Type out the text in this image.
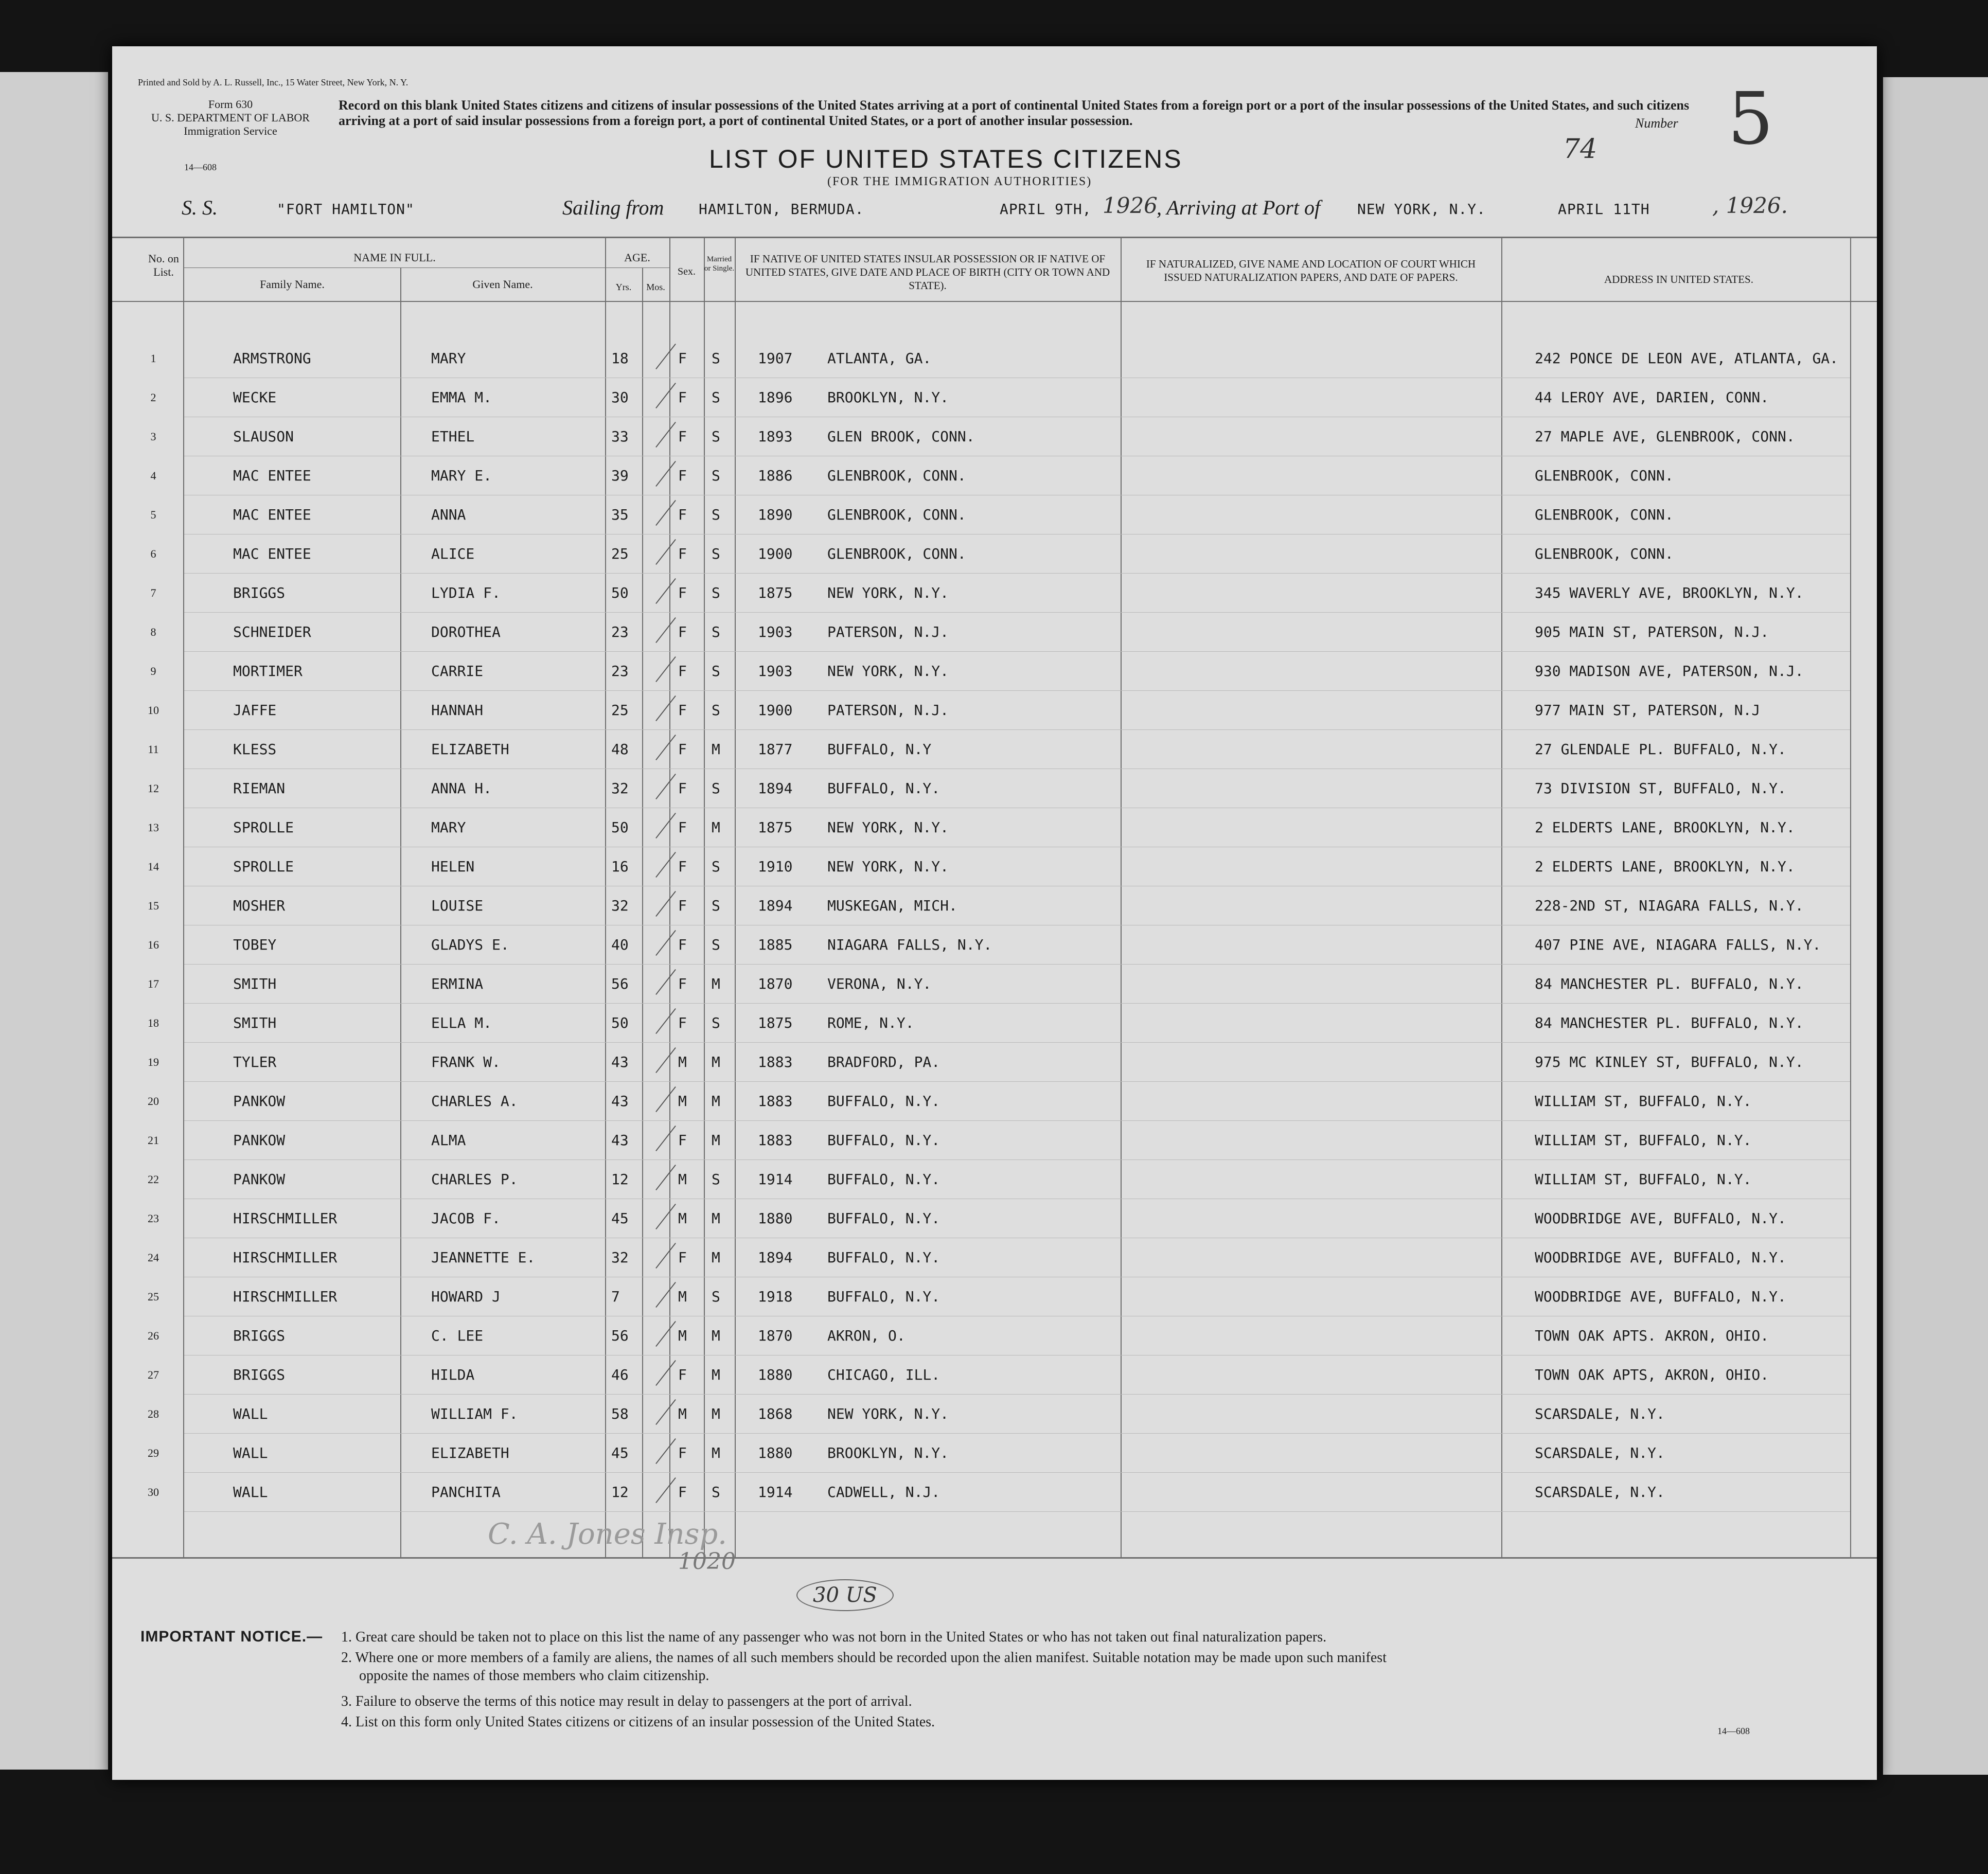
Printed and Sold by A. L. Russell, Inc., 15 Water Street, New York, N. Y.
Form 630
U. S. DEPARTMENT OF LABOR
Immigration Service
14—608
Record on this blank United States citizens and citizens of insular possessions of the United States arriving at a port of continental United States from a foreign port or a port of the insular possessions of the United States, and such citizens arriving at a port of said insular possessions from a foreign port, a port of continental United States, or a port of another insular possession.	Number 5
74
LIST OF UNITED STATES CITIZENS
(FOR THE IMMIGRATION AUTHORITIES)
S. S.	"FORT HAMILTON"	Sailing from HAMILTON, BERMUDA.	APRIL 9TH, 1926
, Arriving at Port of	NEW YORK, N.Y.	APRIL 11TH	, 1926.
No. on List.
NAME IN FULL.
Family Name.	Given Name.
AGE.
Yrs.	Mos.
Sex.
Married or Single.
IF NATIVE OF UNITED STATES INSULAR POSSESSION OR IF NATIVE OF UNITED STATES, GIVE DATE AND PLACE OF BIRTH (CITY OR TOWN AND STATE).
IF NATURALIZED, GIVE NAME AND LOCATION OF COURT WHICH ISSUED NATURALIZATION PAPERS, AND DATE OF PAPERS.	ADDRESS IN UNITED STATES.
1	ARMSTRONG	MARY	18	F S	1907 ATLANTA, GA.	242 PONCE DE LEON AVE, ATLANTA, GA.
2	WECKE	EMMA M.	30	F S	1896 BROOKLYN, N.Y.	44 LEROY AVE, DARIEN, CONN.
3	SLAUSON	ETHEL	33	F S	1893 GLEN BROOK, CONN.	27 MAPLE AVE, GLENBROOK, CONN.
4	MAC ENTEE	MARY E.	39	F S	1886 GLENBROOK, CONN.	GLENBROOK, CONN.
5	MAC ENTEE	ANNA	35	F S	1890 GLENBROOK, CONN.	GLENBROOK, CONN.
6	MAC ENTEE	ALICE	25	F S	1900 GLENBROOK, CONN.	GLENBROOK, CONN.
7	BRIGGS	LYDIA F.	50	F S	1875 NEW YORK, N.Y.	345 WAVERLY AVE, BROOKLYN, N.Y.
8	SCHNEIDER	DOROTHEA	23	F S	1903 PATERSON, N.J.	905 MAIN ST, PATERSON, N.J.
9	MORTIMER	CARRIE	23	F S	1903 NEW YORK, N.Y.	930 MADISON AVE, PATERSON, N.J.
10	JAFFE	HANNAH	25	F S	1900 PATERSON, N.J.	977 MAIN ST, PATERSON, N.J
11	KLESS	ELIZABETH	48	F M	1877 BUFFALO, N.Y	27 GLENDALE PL. BUFFALO, N.Y.
12	RIEMAN	ANNA H.	32	F S	1894 BUFFALO, N.Y.	73 DIVISION ST, BUFFALO, N.Y.
13	SPROLLE	MARY	50	F M	1875 NEW YORK, N.Y.	2 ELDERTS LANE, BROOKLYN, N.Y.
14	SPROLLE	HELEN	16	F S	1910 NEW YORK, N.Y.	2 ELDERTS LANE, BROOKLYN, N.Y.
15	MOSHER	LOUISE	32	F S	1894 MUSKEGAN, MICH.	228-2ND ST, NIAGARA FALLS, N.Y.
16	TOBEY	GLADYS E.	40	F S	1885 NIAGARA FALLS, N.Y.	407 PINE AVE, NIAGARA FALLS, N.Y.
17	SMITH	ERMINA	56	F M	1870 VERONA, N.Y.	84 MANCHESTER PL. BUFFALO, N.Y.
18	SMITH	ELLA M.	50	F S	1875 ROME, N.Y.	84 MANCHESTER PL. BUFFALO, N.Y.
19	TYLER	FRANK W.	43	M M	1883 BRADFORD, PA.	975 MC KINLEY ST, BUFFALO, N.Y.
20	PANKOW	CHARLES A.	43	M M	1883 BUFFALO, N.Y.	WILLIAM ST, BUFFALO, N.Y.
21	PANKOW	ALMA	43	F M	1883 BUFFALO, N.Y.	WILLIAM ST, BUFFALO, N.Y.
22	PANKOW	CHARLES P.	12	M S	1914 BUFFALO, N.Y.	WILLIAM ST, BUFFALO, N.Y.
23	HIRSCHMILLER	JACOB F.	45	M M	1880 BUFFALO, N.Y.	WOODBRIDGE AVE, BUFFALO, N.Y.
24	HIRSCHMILLER	JEANNETTE E.	32	F M	1894 BUFFALO, N.Y.	WOODBRIDGE AVE, BUFFALO, N.Y.
25	HIRSCHMILLER	HOWARD J	7	M S	1918 BUFFALO, N.Y.	WOODBRIDGE AVE, BUFFALO, N.Y.
26	BRIGGS	C. LEE	56	M M	1870 AKRON, O.	TOWN OAK APTS. AKRON, OHIO.
27	BRIGGS	HILDA	46	F M	1880 CHICAGO, ILL.	TOWN OAK APTS, AKRON, OHIO.
28	WALL	WILLIAM F.	58	M M	1868 NEW YORK, N.Y.	SCARSDALE, N.Y.
29	WALL	ELIZABETH	45	F M	1880 BROOKLYN, N.Y.	SCARSDALE, N.Y.
30	WALL	PANCHITA	12	F S	1914 CADWELL, N.J.	SCARSDALE, N.Y.
C. A. Jones Insp.
1020
30 US
IMPORTANT NOTICE.— 1. Great care should be taken not to place on this list the name of any passenger who was not born in the United States or who has not taken out final naturalization papers.
2. Where one or more members of a family are aliens, the names of all such members should be recorded upon the alien manifest. Suitable notation may be made upon such manifest
opposite the names of those members who claim citizenship.
3. Failure to observe the terms of this notice may result in delay to passengers at the port of arrival.
4. List on this form only United States citizens or citizens of an insular possession of the United States.
14—608
